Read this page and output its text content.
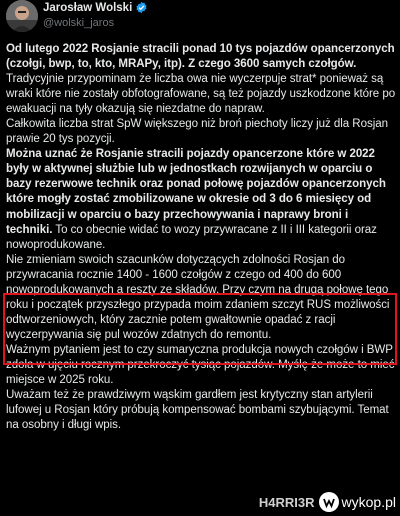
Jarosław Wolski
@wolski_jaros

Od lutego 2022 Rosjanie stracili ponad 10 tys pojazdów opancerzonych (czołgi, bwp, to, kto, MRAPy, itp). Z czego 3600 samych czołgów.

Tradycyjnie przypominam że liczba owa nie wyczerpuje strat* ponieważ są wraki które nie zostały obfotografowane, są też pojazdy uszkodzone które po ewakuacji na tyły okazują się niezdatne do napraw.

Całkowita liczba strat SpW większego niż broń piechoty liczy już dla Rosjan prawie 20 tys pozycji.

Można uznać że Rosjanie stracili pojazdy opancerzone które w 2022 były w aktywnej służbie lub w jednostkach rozwijanych w oparciu o bazy rezerwowe technik oraz ponad połowę pojazdów opancerzonych które mogły zostać zmobilizowane w okresie od 3 do 6 miesięcy od mobilizacji w oparciu o bazy przechowywania i naprawy broni i techniki. To co obecnie widać to wozy przywracane z II i III kategorii oraz nowoprodukowane.

Nie zmieniam swoich szacunków dotyczących zdolności Rosjan do przywracania rocznie 1400 - 1600 czołgów z czego od 400 do 600 nowoprodukowanych a reszty ze składów. Przy czym na drugą połowę tego roku i początek przyszłego przypada moim zdaniem szczyt RUS możliwości odtworzeniowych, który zacznie potem gwałtownie opadać z racji wyczerpywania się pul wozów zdatnych do remontu.

Ważnym pytaniem jest to czy sumaryczna produkcja nowych czołgów i BWP zdoła w ujęciu rocznym przekroczyć tysiąc pojazdów. Myślę że może to mieć miejsce w 2025 roku.

Uważam też że prawdziwym wąskim gardłem jest krytyczny stan artylerii lufowej u Rosjan który próbują kompensować bombami szybującymi. Temat na osobny i długi wpis.

H4RRI3R wykop.pl
